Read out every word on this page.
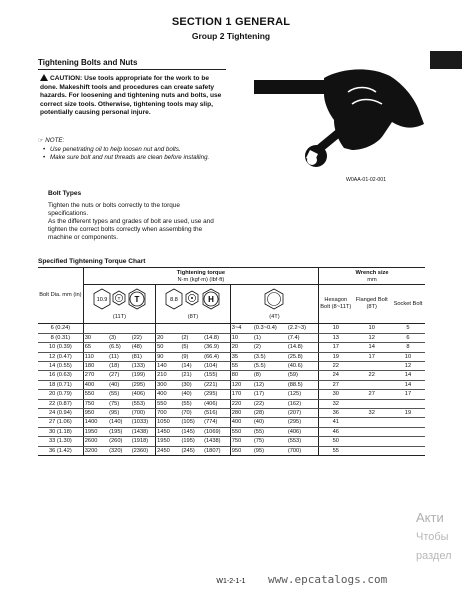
SECTION 1 GENERAL
Group 2 Tightening
Tightening Bolts and Nuts
CAUTION: Use tools appropriate for the work to be done. Makeshift tools and procedures can create safety hazards. For loosening and tightening nuts and bolts, use correct size tools. Otherwise, tightening tools may slip, potentially causing personal injure.
☞ NOTE:
• Use penetrating oil to help loosen nut and bolts.
• Make sure bolt and nut threads are clean before installing.
W0AA-01-02-001
Bolt Types
Tighten the nuts or bolts correctly to the torque specifications.
As the different types and grades of bolt are used, use and tighten the correct bolts correctly when assembling the machine or components.
Specified Tightening Torque Chart
Bolt Dia. mm (in)	Tightening torque
N·m (kgf·m) (lbf·ft)									Wrench size
mm		

10.9 T T			8.8 H						Hexagon Bolt (8~11T)	Flanged Bolt (8T)	Socket Bolt
	(11T)			(8T)			(4T)					

6 (0.24)							3~4	(0.3~0.4)	(2.2~3)	10	10	5
8 (0.31)	30	(3)	(22)	20	(2)	(14.8)	10	(1)	(7.4)	13	12	6
10 (0.39)	65	(6.5)	(48)	50	(5)	(36.9)	20	(2)	(14.8)	17	14	8
12 (0.47)	110	(11)	(81)	90	(9)	(66.4)	35	(3.5)	(25.8)	19	17	10
14 (0.55)	180	(18)	(133)	140	(14)	(104)	55	(5.5)	(40.6)	22		12
16 (0.63)	270	(27)	(199)	210	(21)	(155)	80	(8)	(59)	24	22	14
18 (0.71)	400	(40)	(295)	300	(30)	(221)	120	(12)	(88.5)	27		14
20 (0.79)	550	(55)	(406)	400	(40)	(295)	170	(17)	(125)	30	27	17
22 (0.87)	750	(75)	(553)	550	(55)	(406)	220	(22)	(162)	32		
24 (0.94)	950	(95)	(700)	700	(70)	(516)	280	(28)	(207)	36	32	19
27 (1.06)	1400	(140)	(1033)	1050	(105)	(774)	400	(40)	(295)	41		
30 (1.18)	1950	(195)	(1438)	1450	(145)	(1069)	550	(55)	(406)	46		
33 (1.30)	2600	(260)	(1918)	1950	(195)	(1438)	750	(75)	(553)	50		
36 (1.42)	3200	(320)	(2360)	2450	(245)	(1807)	950	(95)	(700)	55		
W1-2-1-1	www.epcatalogs.com
Акти
Чтобы
раздел
